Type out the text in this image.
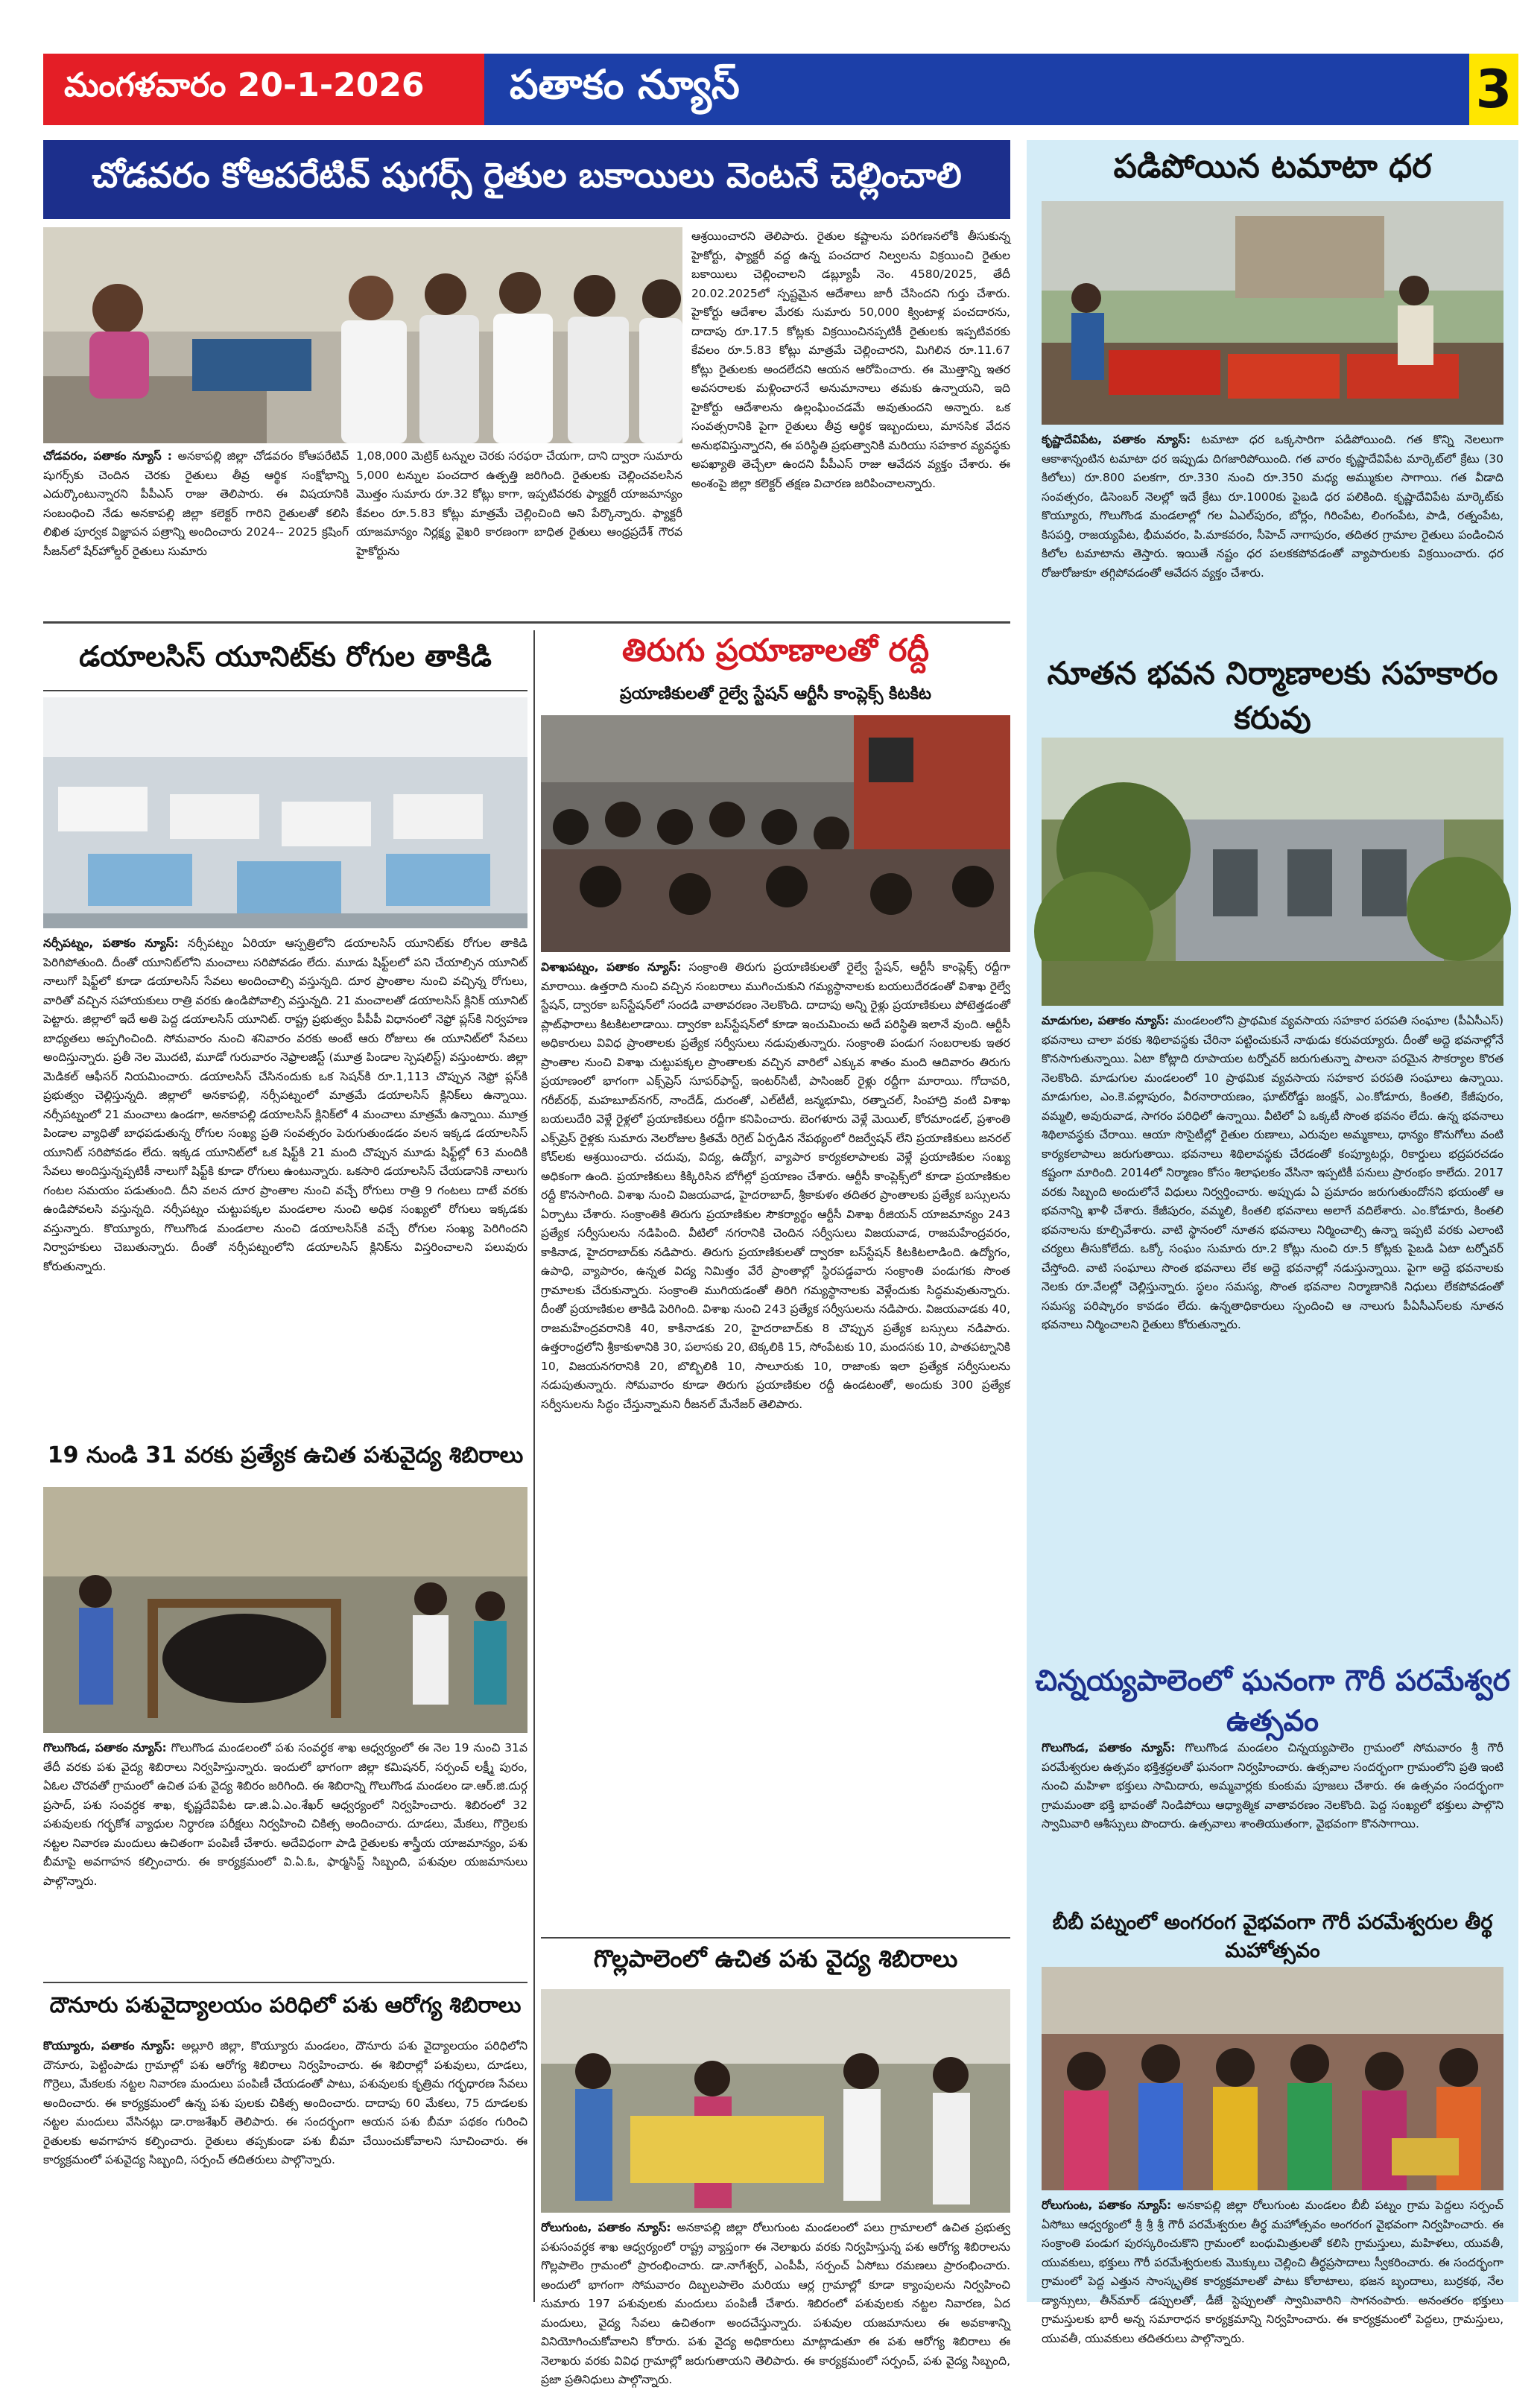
మంగళవారం 20-1-2026	పతాకం న్యూస్	3
చోడవరం కోఆపరేటివ్ షుగర్స్ రైతుల బకాయిలు వెంటనే చెల్లించాలి
చోడవరం, పతాకం న్యూస్ : అనకాపల్లి జిల్లా చోడవరం కోఆపరేటివ్ షుగర్స్‌కు చెందిన చెరకు రైతులు తీవ్ర ఆర్థిక సంక్షోభాన్ని ఎదుర్కొంటున్నారని పీపీఎస్ రాజు తెలిపారు. ఈ విషయానికి సంబంధించి నేడు అనకాపల్లి జిల్లా కలెక్టర్ గారిని రైతులతో కలిసి లిఖిత పూర్వక విజ్ఞాపన పత్రాన్ని అందించారు 2024-- 2025 క్రషింగ్ సీజన్‌లో షేర్‌హోల్డర్ రైతులు సుమారు
1,08,000 మెట్రిక్ టన్నుల చెరకు సరఫరా చేయగా, దాని ద్వారా సుమారు 5,000 టన్నుల పంచదార ఉత్పత్తి జరిగింది. రైతులకు చెల్లించవలసిన మొత్తం సుమారు రూ.32 కోట్లు కాగా, ఇప్పటివరకు ఫ్యాక్టరీ యాజమాన్యం కేవలం రూ.5.83 కోట్లు మాత్రమే చెల్లించింది అని పేర్కొన్నారు. ఫ్యాక్టరీ యాజమాన్యం నిర్లక్ష్య వైఖరి కారణంగా బాధిత రైతులు ఆంధ్రప్రదేశ్ గౌరవ హైకోర్టును
ఆశ్రయించారని తెలిపారు. రైతుల కష్టాలను పరిగణనలోకి తీసుకున్న హైకోర్టు, ఫ్యాక్టరీ వద్ద ఉన్న పంచదార నిల్వలను విక్రయించి రైతుల బకాయిలు చెల్లించాలని డబ్ల్యూపీ నెం. 4580/2025, తేదీ 20.02.2025లో స్పష్టమైన ఆదేశాలు జారీ చేసిందని గుర్తు చేశారు. హైకోర్టు ఆదేశాల మేరకు సుమారు 50,000 క్వింటాళ్ల పంచదారను, దాదాపు రూ.17.5 కోట్లకు విక్రయించినప్పటికీ రైతులకు ఇప్పటివరకు కేవలం రూ.5.83 కోట్లు మాత్రమే చెల్లించారని, మిగిలిన రూ.11.67 కోట్లు రైతులకు అందలేదని ఆయన ఆరోపించారు. ఈ మొత్తాన్ని ఇతర అవసరాలకు మళ్లించారనే అనుమానాలు తమకు ఉన్నాయని, ఇది హైకోర్టు ఆదేశాలను ఉల్లంఘించడమే అవుతుందని అన్నారు. ఒక సంవత్సరానికి పైగా రైతులు తీవ్ర ఆర్థిక ఇబ్బందులు, మానసిక వేదన అనుభవిస్తున్నారని, ఈ పరిస్థితి ప్రభుత్వానికి మరియు సహకార వ్యవస్థకు అపఖ్యాతి తెచ్చేలా ఉందని పీపీఎస్ రాజు ఆవేదన వ్యక్తం చేశారు. ఈ అంశంపై జిల్లా కలెక్టర్ తక్షణ విచారణ జరిపించాలన్నారు.
పడిపోయిన టమాటా ధర
కృష్ణాదేవిపేట, పతాకం న్యూస్: టమాటా ధర ఒక్కసారిగా పడిపోయింది. గత కొన్ని నెలలుగా ఆకాశాన్నంటిన టమాటా ధర ఇప్పుడు దిగజారిపోయింది. గత వారం కృష్ణాదేవిపేట మార్కెట్‌లో క్రేటు (30 కిలోలు) రూ.800 పలకగా, రూ.330 నుంచి రూ.350 మధ్య అమ్ముకుల సాగాయి. గత వీడాది సంవత్సరం, డిసెంబర్ నెలల్లో ఇదే క్రేటు రూ.1000కు పైబడి ధర పలికింది. కృష్ణాదేవిపేట మార్కెట్‌కు కొయ్యూరు, గొలుగొండ మండలాల్లో గల ఏఎల్‌పురం, బోర్లం, గిరింపేట, లింగంపేట, పాడి, రత్నంపేట, కిసపర్తి, రాజయ్యపేట, భీమవరం, పి.మాకవరం, సీహెచ్ నాగాపురం, తదితర గ్రామాల రైతులు పండించిన కిలోల టమాటాను తెస్తారు. ఇయితే నష్టం ధర పలకకపోవడంతో వ్యాపారులకు విక్రయించారు. ధర రోజురోజుకూ తగ్గిపోవడంతో ఆవేదన వ్యక్తం చేశారు.
నూతన భవన నిర్మాణాలకు సహకారం కరువు
మాడుగుల, పతాకం న్యూస్: మండలంలోని ప్రాథమిక వ్యవసాయ సహకార పరపతి సంఘాల (పీఏసీఎస్) భవనాలు చాలా వరకు శిథిలావస్థకు చేరినా పట్టించుకునే నాథుడు కరువయ్యారు. దీంతో అద్దె భవనాల్లోనే కొనసాగుతున్నాయి. ఏటా కోట్లాది రూపాయల టర్నోవర్ జరుగుతున్నా పాలనా పరమైన సౌకర్యాల కొరత నెలకొంది. మాడుగుల మండలంలో 10 ప్రాథమిక వ్యవసాయ సహకార పరపతి సంఘాలు ఉన్నాయి. మాడుగుల, ఎం.కె.వల్లాపురం, వీరనారాయణం, ఘాట్‌రోడ్డు జంక్షన్, ఎం.కోడూరు, కింతలి, కేజీపురం, వమ్మలి, అవురువాడ, సాగరం పరిధిలో ఉన్నాయి. వీటిలో ఏ ఒక్కటీ సొంత భవనం లేదు. ఉన్న భవనాలు శిథిలావస్థకు చేరాయి. ఆయా సొసైటీల్లో రైతుల రుణాలు, ఎరువుల అమ్మకాలు, ధాన్యం కొనుగోలు వంటి కార్యకలాపాలు జరుగుతాయి. భవనాలు శిథిలావస్థకు చేరడంతో కంప్యూటర్లు, రికార్డులు భద్రపరచడం కష్టంగా మారింది. 2014లో నిర్మాణం కోసం శిలాఫలకం వేసినా ఇప్పటికీ పనులు ప్రారంభం కాలేదు. 2017 వరకు సిబ్బంది అందులోనే విధులు నిర్వర్తించారు. అప్పుడు ఏ ప్రమాదం జరుగుతుందోనని భయంతో ఆ భవనాన్ని ఖాళీ చేశారు. కేజీపురం, వమ్మలి, కింతలి భవనాలు అలాగే వదిలేశారు. ఎం.కోడూరు, కింతలి భవనాలను కూల్చివేశారు. వాటి స్థానంలో నూతన భవనాలు నిర్మించాల్సి ఉన్నా ఇప్పటి వరకు ఎలాంటి చర్యలు తీసుకోలేదు. ఒక్కో సంఘం సుమారు రూ.2 కోట్లు నుంచి రూ.5 కోట్లకు పైబడి ఏటా టర్నోవర్ చేస్తోంది. వాటి సంఘాలు సొంత భవనాలు లేక అద్దె భవనాల్లో నడుస్తున్నాయి. పైగా అద్దె భవనాలకు నెలకు రూ.వేలల్లో చెల్లిస్తున్నారు. స్థలం సమస్య, సొంత భవనాల నిర్మాణానికి నిధులు లేకపోవడంతో సమస్య పరిష్కారం కావడం లేదు. ఉన్నతాధికారులు స్పందించి ఆ నాలుగు పీఏసీఎస్‌లకు నూతన భవనాలు నిర్మించాలని రైతులు కోరుతున్నారు.
చిన్నయ్యపాలెంలో ఘనంగా గౌరీ పరమేశ్వర ఉత్సవం
గొలుగొండ, పతాకం న్యూస్: గొలుగొండ మండలం చిన్నయ్యపాలెం గ్రామంలో సోమవారం శ్రీ గౌరీ పరమేశ్వరుల ఉత్సవం భక్తిశ్రద్ధలతో ఘనంగా నిర్వహించారు. ఉత్సవాల సందర్భంగా గ్రామంలోని ప్రతి ఇంటి నుంచి మహిళా భక్తులు సామిదారు, అమ్మవార్లకు కుంకుమ పూజలు చేశారు. ఈ ఉత్సవం సందర్భంగా గ్రామమంతా భక్తి భావంతో నిండిపోయి ఆధ్యాత్మిక వాతావరణం నెలకొంది. పెద్ద సంఖ్యలో భక్తులు పాల్గొని స్వామివారి ఆశీస్సులు పొందారు. ఉత్సవాలు శాంతియుతంగా, వైభవంగా కొనసాగాయి.
బీబీ పట్నంలో అంగరంగ వైభవంగా గౌరీ పరమేశ్వరుల తీర్థ మహోత్సవం
రోలుగుంట, పతాకం న్యూస్: అనకాపల్లి జిల్లా రోలుగుంట మండలం బీబీ పట్నం గ్రామ పెద్దలు సర్పంచ్ ఏసోబు ఆధ్వర్యంలో శ్రీ శ్రీ శ్రీ గౌరీ పరమేశ్వరుల తీర్థ మహోత్సవం అంగరంగ వైభవంగా నిర్వహించారు. ఈ సంక్రాంతి పండుగ పురస్కరించుకొని గ్రామంలో బంధుమిత్రులతో కలిసి గ్రామస్తులు, మహిళలు, యువతీ, యువకులు, భక్తులు గౌరీ పరమేశ్వరులకు మొక్కులు చెల్లించి తీర్థప్రసాదాలు స్వీకరించారు. ఈ సందర్భంగా గ్రామంలో పెద్ద ఎత్తున సాంస్కృతిక కార్యక్రమాలతో పాటు కోలాటాలు, భజన బృందాలు, బుర్రకథ, నేల డ్యాన్సులు, తీన్‌మార్ డప్పులతో, డీజే స్టెప్పులతో స్వామివారిని సాగనంపారు. అనంతరం భక్తులు గ్రామస్తులకు భారీ అన్న సమారాధన కార్యక్రమాన్ని నిర్వహించారు. ఈ కార్యక్రమంలో పెద్దలు, గ్రామస్తులు, యువతీ, యువకులు తదితరులు పాల్గొన్నారు.
డయాలసిస్ యూనిట్‌కు రోగుల తాకిడి
నర్సీపట్నం, పతాకం న్యూస్: నర్సీపట్నం ఏరియా ఆస్పత్రిలోని డయాలసిస్ యూనిట్‌కు రోగుల తాకిడి పెరిగిపోతుంది. దీంతో యూనిట్‌లోని మంచాలు సరిపోవడం లేదు. మూడు షిఫ్ట్‌లలో పని చేయాల్సిన యూనిట్ నాలుగో షిఫ్ట్‌లో కూడా డయాలసిస్ సేవలు అందించాల్సి వస్తున్నది. దూర ప్రాంతాల నుంచి వచ్చిన్న రోగులు, వారితో వచ్చిన సహాయకులు రాత్రి వరకు ఉండిపోవాల్సి వస్తున్నది. 21 మంచాలతో డయాలసిస్ క్లినిక్ యూనిట్ పెట్టారు. జిల్లాలో ఇదే అతి పెద్ద డయాలసిస్ యూనిట్. రాష్ట్ర ప్రభుత్వం పీపీపీ విధానంలో నెఫ్రో ప్లస్‌కి నిర్వహణ బాధ్యతలు అప్పగించింది. సోమవారం నుంచి శనివారం వరకు అంటే ఆరు రోజులు ఈ యూనిట్‌లో సేవలు అందిస్తున్నారు. ప్రతీ నెల మొదటి, మూడో గురువారం నెఫ్రాలజిస్ట్ (మూత్ర పిండాల స్పెషలిస్ట్) వస్తుంటారు. జిల్లా మెడికల్ ఆఫీసర్ నియమించారు. డయాలసిస్ చేసినందుకు ఒక సెషన్‌కి రూ.1,113 చొప్పున నెఫ్రో ప్లస్‌కి ప్రభుత్వం చెల్లిస్తున్నది. జిల్లాలో అనకాపల్లి, నర్సీపట్నంలో మాత్రమే డయాలసిస్ క్లినిక్‌లు ఉన్నాయి. నర్సీపట్నంలో 21 మంచాలు ఉండగా, అనకాపల్లి డయాలసిస్ క్లినిక్‌లో 4 మంచాలు మాత్రమే ఉన్నాయి. మూత్ర పిండాల వ్యాధితో బాధపడుతున్న రోగుల సంఖ్య ప్రతి సంవత్సరం పెరుగుతుండడం వలన ఇక్కడ డయాలసిస్ యూనిట్ సరిపోవడం లేదు. ఇక్కడ యూనిట్‌లో ఒక షిఫ్ట్‌కి 21 మంది చొప్పున మూడు షిఫ్ట్‌ల్లో 63 మందికి సేవలు అందిస్తున్నప్పటికీ నాలుగో షిఫ్ట్‌కి కూడా రోగులు ఉంటున్నారు. ఒకసారి డయాలసిస్ చేయడానికి నాలుగు గంటల సమయం పడుతుంది. దీని వలన దూర ప్రాంతాల నుంచి వచ్చే రోగులు రాత్రి 9 గంటలు దాటే వరకు ఉండిపోవలసి వస్తున్నది. నర్సీపట్నం చుట్టుపక్కల మండలాల నుంచి అధిక సంఖ్యలో రోగులు ఇక్కడకు వస్తున్నారు. కొయ్యూరు, గొలుగొండ మండలాల నుంచి డయాలసిస్‌కి వచ్చే రోగుల సంఖ్య పెరిగిందని నిర్వాహకులు చెబుతున్నారు. దీంతో నర్సీపట్నంలోని డయాలసిస్ క్లినిక్‌ను విస్తరించాలని పలువురు కోరుతున్నారు.
19 నుండి 31 వరకు ప్రత్యేక ఉచిత పశువైద్య శిబిరాలు
గొలుగొండ, పతాకం న్యూస్: గొలుగొండ మండలంలో పశు సంవర్ధక శాఖ ఆధ్వర్యంలో ఈ నెల 19 నుంచి 31వ తేదీ వరకు పశు వైద్య శిబిరాలు నిర్వహిస్తున్నారు. ఇందులో భాగంగా జిల్లా కమిషనర్, సర్పంచ్ లక్ష్మీ పురం, ఏఓల చొరవతో గ్రామంలో ఉచిత పశు వైద్య శిబిరం జరిగింది. ఈ శిబిరాన్ని గొలుగొండ మండలం డా.ఆర్.జి.దుర్గ ప్రసాద్, పశు సంవర్ధక శాఖ, కృష్ణదేవిపేట డా.జి.ఏ.ఎం.శేఖర్ ఆధ్వర్యంలో నిర్వహించారు. శిబిరంలో 32 పశువులకు గర్భకోశ వ్యాధుల నిర్ధారణ పరీక్షలు నిర్వహించి చికిత్స అందించారు. దూడలు, మేకలు, గొర్రెలకు నట్టల నివారణ మందులు ఉచితంగా పంపిణీ చేశారు. అదేవిధంగా పాడి రైతులకు శాస్త్రీయ యాజమాన్యం, పశు బీమాపై అవగాహన కల్పించారు. ఈ కార్యక్రమంలో వి.ఏ.ఓ, ఫార్మసిస్ట్ సిబ్బంది, పశువుల యజమానులు పాల్గొన్నారు.
దౌనూరు పశువైద్యాలయం పరిధిలో పశు ఆరోగ్య శిబిరాలు
కొయ్యూరు, పతాకం న్యూస్: అల్లూరి జిల్లా, కొయ్యూరు మండలం, దౌనూరు పశు వైద్యాలయం పరిధిలోని దౌనూరు, పెట్టింపాడు గ్రామాల్లో పశు ఆరోగ్య శిబిరాలు నిర్వహించారు. ఈ శిబిరాల్లో పశువులు, దూడలు, గొర్రెలు, మేకలకు నట్టల నివారణ మందులు పంపిణీ చేయడంతో పాటు, పశువులకు కృత్రిమ గర్భధారణ సేవలు అందించారు. ఈ కార్యక్రమంలో ఉన్న పశు పులకు చికిత్స అందించారు. దాదాపు 60 మేకలు, 75 దూడలకు నట్టల మందులు వేసినట్లు డా.రాజశేఖర్ తెలిపారు. ఈ సందర్భంగా ఆయన పశు బీమా పథకం గురించి రైతులకు అవగాహన కల్పించారు. రైతులు తప్పకుండా పశు బీమా చేయించుకోవాలని సూచించారు. ఈ కార్యక్రమంలో పశువైద్య సిబ్బంది, సర్పంచ్ తదితరులు పాల్గొన్నారు.
తిరుగు ప్రయాణాలతో రద్దీ
ప్రయాణికులతో రైల్వే స్టేషన్ ఆర్టీసీ కాంప్లెక్స్ కిటకిట
విశాఖపట్నం, పతాకం న్యూస్: సంక్రాంతి తిరుగు ప్రయాణికులతో రైల్వే స్టేషన్, ఆర్టీసీ కాంప్లెక్స్ రద్దీగా మారాయి. ఉత్తరాది నుంచి వచ్చిన సంబరాలు ముగించుకుని గమ్యస్థానాలకు బయలుదేరడంతో విశాఖ రైల్వే స్టేషన్, ద్వారకా బస్‌స్టేషన్‌లో సందడి వాతావరణం నెలకొంది. దాదాపు అన్ని రైళ్లు ప్రయాణికులు పోటెత్తడంతో ప్లాట్‌ఫారాలు కిటకిటలాడాయి. ద్వారకా బస్‌స్టేషన్‌లో కూడా ఇంచుమించు అదే పరిస్థితి ఇలానే వుంది. ఆర్టీసీ అధికారులు వివిధ ప్రాంతాలకు ప్రత్యేక సర్వీసులు నడుపుతున్నారు. సంక్రాంతి పండుగ సంబరాలకు ఇతర ప్రాంతాల నుంచి విశాఖ చుట్టుపక్కల ప్రాంతాలకు వచ్చిన వారిలో ఎక్కువ శాతం మంది ఆదివారం తిరుగు ప్రయాణంలో భాగంగా ఎక్స్‌ప్రెస్ సూపర్‌ఫాస్ట్, ఇంటర్‌సిటీ, పాసింజర్ రైళ్లు రద్దీగా మారాయి. గోదావరి, గరీబ్‌రథ్, మహబూబ్‌నగర్, నాందేడ్, దురంతో, ఎల్‌టీటీ, జన్మభూమి, రత్నాచల్, సింహాద్రి వంటి విశాఖ బయలుదేరి వెళ్లే రైళ్లలో ప్రయాణికులు రద్దీగా కనిపించారు. బెంగళూరు వెళ్లే మెయిల్, కోరమాండల్, ప్రశాంతి ఎక్స్‌ప్రెస్ రైళ్లకు సుమారు నెలరోజుల క్రితమే రిగ్రెట్ ఏర్పడిన నేపథ్యంలో రిజర్వేషన్ లేని ప్రయాణికులు జనరల్ కోచ్‌లకు ఆశ్రయించారు. చదువు, విద్య, ఉద్యోగ, వ్యాపార కార్యకలాపాలకు వెళ్లే ప్రయాణికుల సంఖ్య అధికంగా ఉంది. ప్రయాణికులు కిక్కిరిసిన బోగీల్లో ప్రయాణం చేశారు. ఆర్టీసీ కాంప్లెక్స్‌లో కూడా ప్రయాణికుల రద్దీ కొనసాగింది. విశాఖ నుంచి విజయవాడ, హైదరాబాద్, శ్రీకాకుళం తదితర ప్రాంతాలకు ప్రత్యేక బస్సులను ఏర్పాటు చేశారు. సంక్రాంతికి తిరుగు ప్రయాణికుల సౌకర్యార్థం ఆర్టీసీ విశాఖ రీజియన్ యాజమాన్యం 243 ప్రత్యేక సర్వీసులను నడిపింది. వీటిలో నగరానికి చెందిన సర్వీసులు విజయవాడ, రాజమహేంద్రవరం, కాకినాడ, హైదరాబాద్‌కు నడిపారు. తిరుగు ప్రయాణికులతో ద్వారకా బస్‌స్టేషన్ కిటకిటలాడింది. ఉద్యోగం, ఉపాధి, వ్యాపారం, ఉన్నత విద్య నిమిత్తం వేరే ప్రాంతాల్లో స్థిరపడ్డవారు సంక్రాంతి పండుగకు సొంత గ్రామాలకు చేరుకున్నారు. సంక్రాంతి ముగియడంతో తిరిగి గమ్యస్థానాలకు వెళ్లేందుకు సిద్ధమవుతున్నారు. దీంతో ప్రయాణికుల తాకిడి పెరిగింది. విశాఖ నుంచి 243 ప్రత్యేక సర్వీసులను నడిపారు. విజయవాడకు 40, రాజమహేంద్రవరానికి 40, కాకినాడకు 20, హైదరాబాద్‌కు 8 చొప్పున ప్రత్యేక బస్సులు నడిపారు. ఉత్తరాంధ్రలోని శ్రీకాకుళానికి 30, పలాసకు 20, టెక్కలికి 15, సోంపేటకు 10, మందసకు 10, పాతపట్నానికి 10, విజయనగరానికి 20, బొబ్బిలికి 10, సాలూరుకు 10, రాజాంకు ఇలా ప్రత్యేక సర్వీసులను నడుపుతున్నారు. సోమవారం కూడా తిరుగు ప్రయాణికుల రద్దీ ఉండటంతో, అందుకు 300 ప్రత్యేక సర్వీసులను సిద్ధం చేస్తున్నామని రీజనల్ మేనేజర్ తెలిపారు.
గొల్లపాలెంలో ఉచిత పశు వైద్య శిబిరాలు
రోలుగుంట, పతాకం న్యూస్: అనకాపల్లి జిల్లా రోలుగుంట మండలంలో పలు గ్రామాలలో ఉచిత ప్రభుత్వ పశుసంవర్ధక శాఖ ఆధ్వర్యంలో రాష్ట్ర వ్యాప్తంగా ఈ నెలాఖరు వరకు నిర్వహిస్తున్న పశు ఆరోగ్య శిబిరాలను గొల్లపాలెం గ్రామంలో ప్రారంభించారు. డా.నాగేశ్వర్, ఎంపీపీ, సర్పంచ్ ఏసోబు రమణలు ప్రారంభించారు. అందులో భాగంగా సోమవారం దిబ్బలపాలెం మరియు ఆర్ల గ్రామాల్లో కూడా క్యాంపులను నిర్వహించి సుమారు 197 పశువులకు మందులు పంపిణీ చేశారు. శిబిరంలో పశువులకు నట్టల నివారణ, ఏద మందులు, వైద్య సేవలు ఉచితంగా అందచేస్తున్నారు. పశువుల యజమానులు ఈ అవకాశాన్ని వినియోగించుకోవాలని కోరారు. పశు వైద్య అధికారులు మాట్లాడుతూ ఈ పశు ఆరోగ్య శిబిరాలు ఈ నెలాఖరు వరకు వివిధ గ్రామాల్లో జరుగుతాయని తెలిపారు. ఈ కార్యక్రమంలో సర్పంచ్, పశు వైద్య సిబ్బంది, ప్రజా ప్రతినిధులు పాల్గొన్నారు.
